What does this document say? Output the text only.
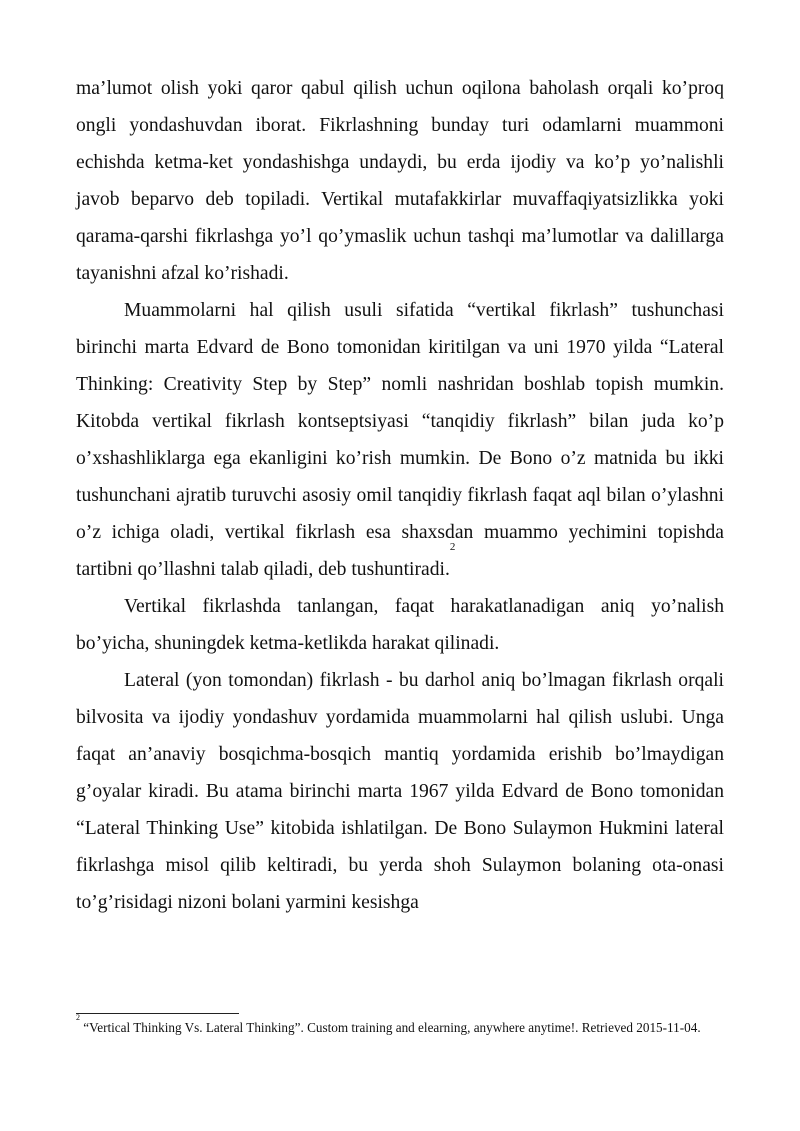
ma’lumot olish yoki qaror qabul qilish uchun oqilona baholash orqali ko’proq ongli yondashuvdan iborat. Fikrlashning bunday turi odamlarni muammoni echishda ketma-ket yondashishga undaydi, bu erda ijodiy va ko’p yo’nalishli javob beparvo deb topiladi. Vertikal mutafakkirlar muvaffaqiyatsizlikka yoki qarama-qarshi fikrlashga yo’l qo’ymaslik uchun tashqi ma’lumotlar va dalillarga tayanishni afzal ko’rishadi.

Muammolarni hal qilish usuli sifatida “vertikal fikrlash” tushunchasi birinchi marta Edvard de Bono tomonidan kiritilgan va uni 1970 yilda “Lateral Thinking: Creativity Step by Step” nomli nashridan boshlab topish mumkin. Kitobda vertikal fikrlash kontseptsiyasi “tanqidiy fikrlash” bilan juda ko’p o’xshashliklarga ega ekanligini ko’rish mumkin. De Bono o’z matnida bu ikki tushunchani ajratib turuvchi asosiy omil tanqidiy fikrlash faqat aql bilan o’ylashni o’z ichiga oladi, vertikal fikrlash esa shaxsdan muammo yechimini topishda tartibni qo’llashni talab qiladi, deb tushuntiradi.$^2$

Vertikal fikrlashda tanlangan, faqat harakatlanadigan aniq yo’nalish bo’yicha, shuningdek ketma-ketlikda harakat qilinadi.

Lateral (yon tomondan) fikrlash - bu darhol aniq bo’lmagan fikrlash orqali bilvosita va ijodiy yondashuv yordamida muammolarni hal qilish uslubi. Unga faqat an’anaviy bosqichma-bosqich mantiq yordamida erishib bo’lmaydigan g’oyalar kiradi. Bu atama birinchi marta 1967 yilda Edvard de Bono tomonidan “Lateral Thinking Use” kitobida ishlatilgan. De Bono Sulaymon Hukmini lateral fikrlashga misol qilib keltiradi, bu yerda shoh Sulaymon bolaning ota-onasi to’g’risidagi nizoni bolani yarmini kesishga

$^2$ “Vertical Thinking Vs. Lateral Thinking”. Custom training and elearning, anywhere anytime!. Retrieved 2015-11-04.
